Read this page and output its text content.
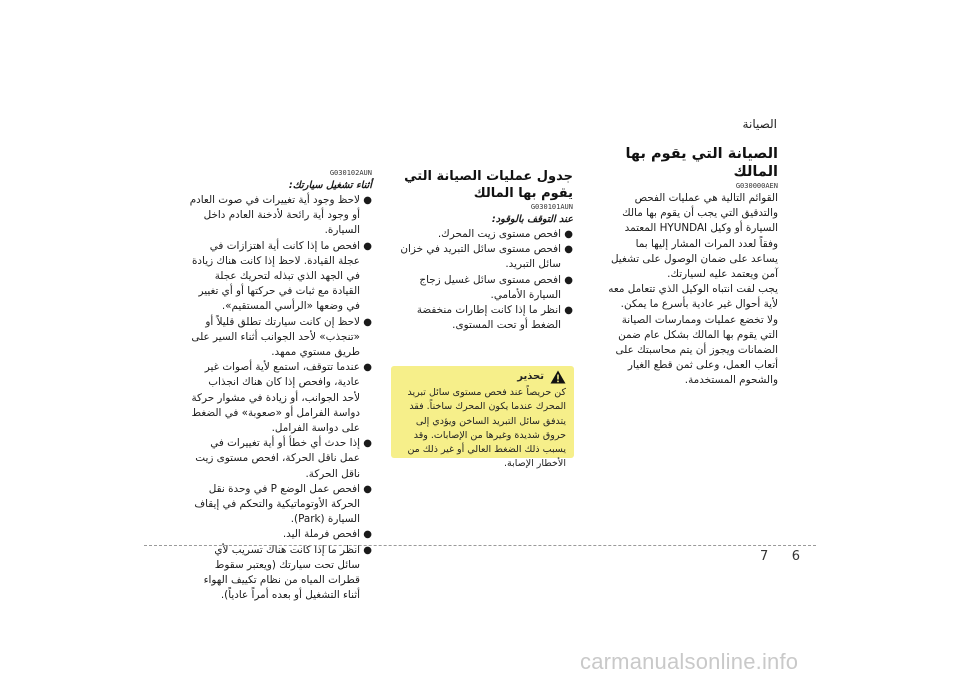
الصيانة

الصيانة التي يقوم بها المالك

G030000AEN

القوائم التالية هي عمليات الفحص والتدقيق التي يجب أن يقوم بها مالك السيارة أو وكيل HYUNDAI المعتمد وفقاً لعدد المرات المشار إليها بما يساعد على ضمان الوصول على تشغيل آمن ويعتمد عليه لسيارتك.

يجب لفت انتباه الوكيل الذي تتعامل معه لأية أحوال غير عادية بأسرع ما يمكن.

ولا تخضع عمليات وممارسات الصيانة التي يقوم بها المالك بشكل عام ضمن الضمانات ويجوز أن يتم محاسبتك على أتعاب العمل، وعلى ثمن قطع الغيار والشحوم المستخدمة.

جدول عمليات الصيانة التي يقوم بها المالك

G030101AUN

عند التوقف بالوقود:

●
افحص مستوى زيت المحرك.
●
افحص مستوى سائل التبريد في خزان سائل التبريد.
●
افحص مستوى سائل غسيل زجاج السيارة الأمامي.
●
انظر ما إذا كانت إطارات منخفضة الضغط أو تحت المستوى.
تحذير

كن حريصاً عند فحص مستوى سائل تبريد المحرك عندما يكون المحرك ساخناً. فقد يتدفق سائل التبريد الساخن ويؤدي إلى حروق شديدة وغيرها من الإصابات. وقد يسبب ذلك الضغط العالي أو غير ذلك من الأخطار الإصابة.

G030102AUN

أثناء تشغيل سيارتك:

●
لاحظ وجود أية تغييرات في صوت العادم أو وجود أية رائحة لأدخنة العادم داخل السيارة.
●
افحص ما إذا كانت أية اهتزازات في عجلة القيادة. لاحظ إذا كانت هناك زيادة في الجهد الذي تبذله لتحريك عجلة القيادة مع ثبات في حركتها أو أي تغيير في وضعها «الرأسي المستقيم».
●
لاحظ إن كانت سيارتك تطلق قليلاً أو «تنجذب» لأحد الجوانب أثناء السير على طريق مستوي ممهد.
●
عندما تتوقف، استمع لأية أصوات غير عادية، وافحص إذا كان هناك انجذاب لأحد الجوانب، أو زيادة في مشوار حركة دواسة الفرامل أو «صعوبة» في الضغط على دواسة الفرامل.
●
إذا حدث أي خطأ أو أية تغييرات في عمل ناقل الحركة، افحص مستوى زيت ناقل الحركة.
●
افحص عمل الوضع P في وحدة نقل الحركة الأوتوماتيكية والتحكم في إيقاف السيارة (Park).
●
افحص فرملة اليد.
●
انظر ما إذا كانت هناك تسريب لأي سائل تحت سيارتك (ويعتبر سقوط قطرات المياه من نظام تكييف الهواء أثناء التشغيل أو بعده أمراً عادياً).
7 6
carmanualsonline.info
